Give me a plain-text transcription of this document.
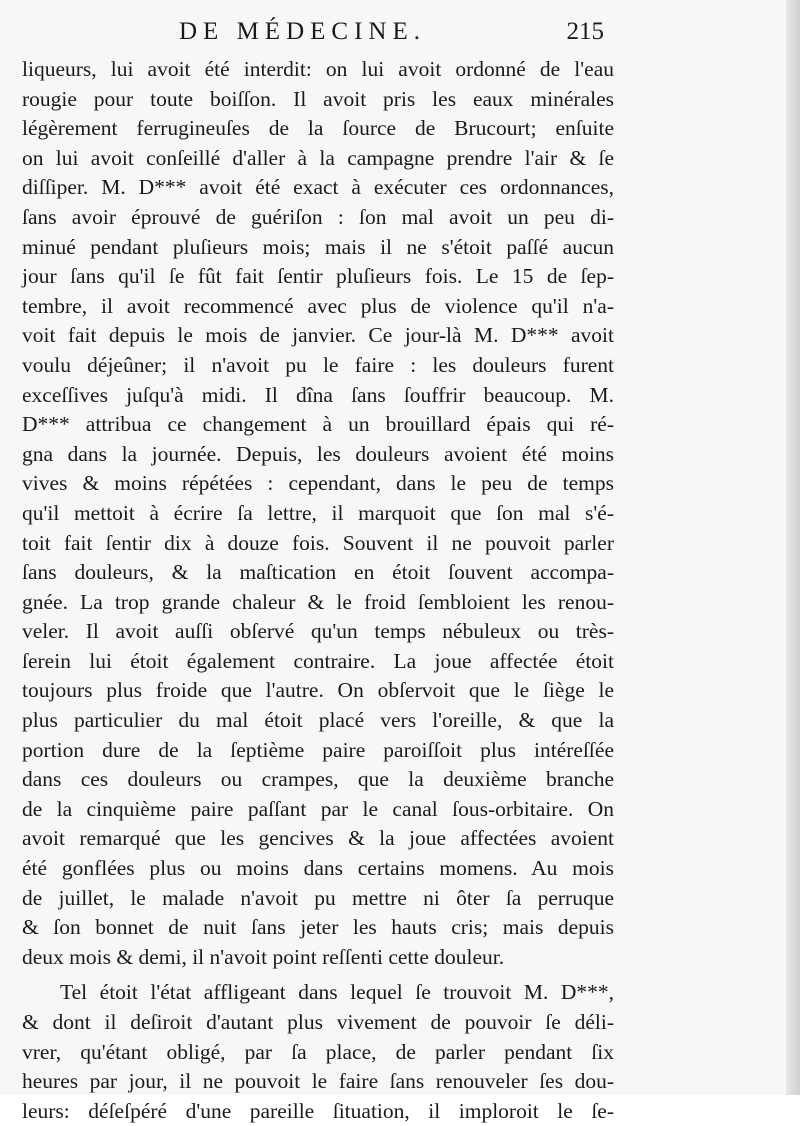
DE MÉDECINE.	215
liqueurs, lui avoit été interdit: on lui avoit ordonné de l'eau
rougie pour toute boiſſon. Il avoit pris les eaux minérales
légèrement ferrugineuſes de la ſource de Brucourt; enſuite
on lui avoit conſeillé d'aller à la campagne prendre l'air & ſe
diſſiper. M. D*** avoit été exact à exécuter ces ordonnances,
ſans avoir éprouvé de guériſon : ſon mal avoit un peu di-
minué pendant pluſieurs mois; mais il ne s'étoit paſſé aucun
jour ſans qu'il ſe fût fait ſentir pluſieurs fois. Le 15 de ſep-
tembre, il avoit recommencé avec plus de violence qu'il n'a-
voit fait depuis le mois de janvier. Ce jour-là M. D*** avoit
voulu déjeûner; il n'avoit pu le faire : les douleurs furent
exceſſives juſqu'à midi. Il dîna ſans ſouffrir beaucoup. M.
D*** attribua ce changement à un brouillard épais qui ré-
gna dans la journée. Depuis, les douleurs avoient été moins
vives & moins répétées : cependant, dans le peu de temps
qu'il mettoit à écrire ſa lettre, il marquoit que ſon mal s'é-
toit fait ſentir dix à douze fois. Souvent il ne pouvoit parler
ſans douleurs, & la maſtication en étoit ſouvent accompa-
gnée. La trop grande chaleur & le froid ſembloient les renou-
veler. Il avoit auſſi obſervé qu'un temps nébuleux ou très-
ſerein lui étoit également contraire. La joue affectée étoit
toujours plus froide que l'autre. On obſervoit que le ſiège le
plus particulier du mal étoit placé vers l'oreille, & que la
portion dure de la ſeptième paire paroiſſoit plus intéreſſée
dans ces douleurs ou crampes, que la deuxième branche
de la cinquième paire paſſant par le canal ſous-orbitaire. On
avoit remarqué que les gencives & la joue affectées avoient
été gonflées plus ou moins dans certains momens. Au mois
de juillet, le malade n'avoit pu mettre ni ôter ſa perruque
& ſon bonnet de nuit ſans jeter les hauts cris; mais depuis
deux mois & demi, il n'avoit point reſſenti cette douleur.
Tel étoit l'état affligeant dans lequel ſe trouvoit M. D***,
& dont il deſiroit d'autant plus vivement de pouvoir ſe déli-
vrer, qu'étant obligé, par ſa place, de parler pendant ſix
heures par jour, il ne pouvoit le faire ſans renouveler ſes dou-
leurs: déſeſpéré d'une pareille ſituation, il imploroit le ſe-
